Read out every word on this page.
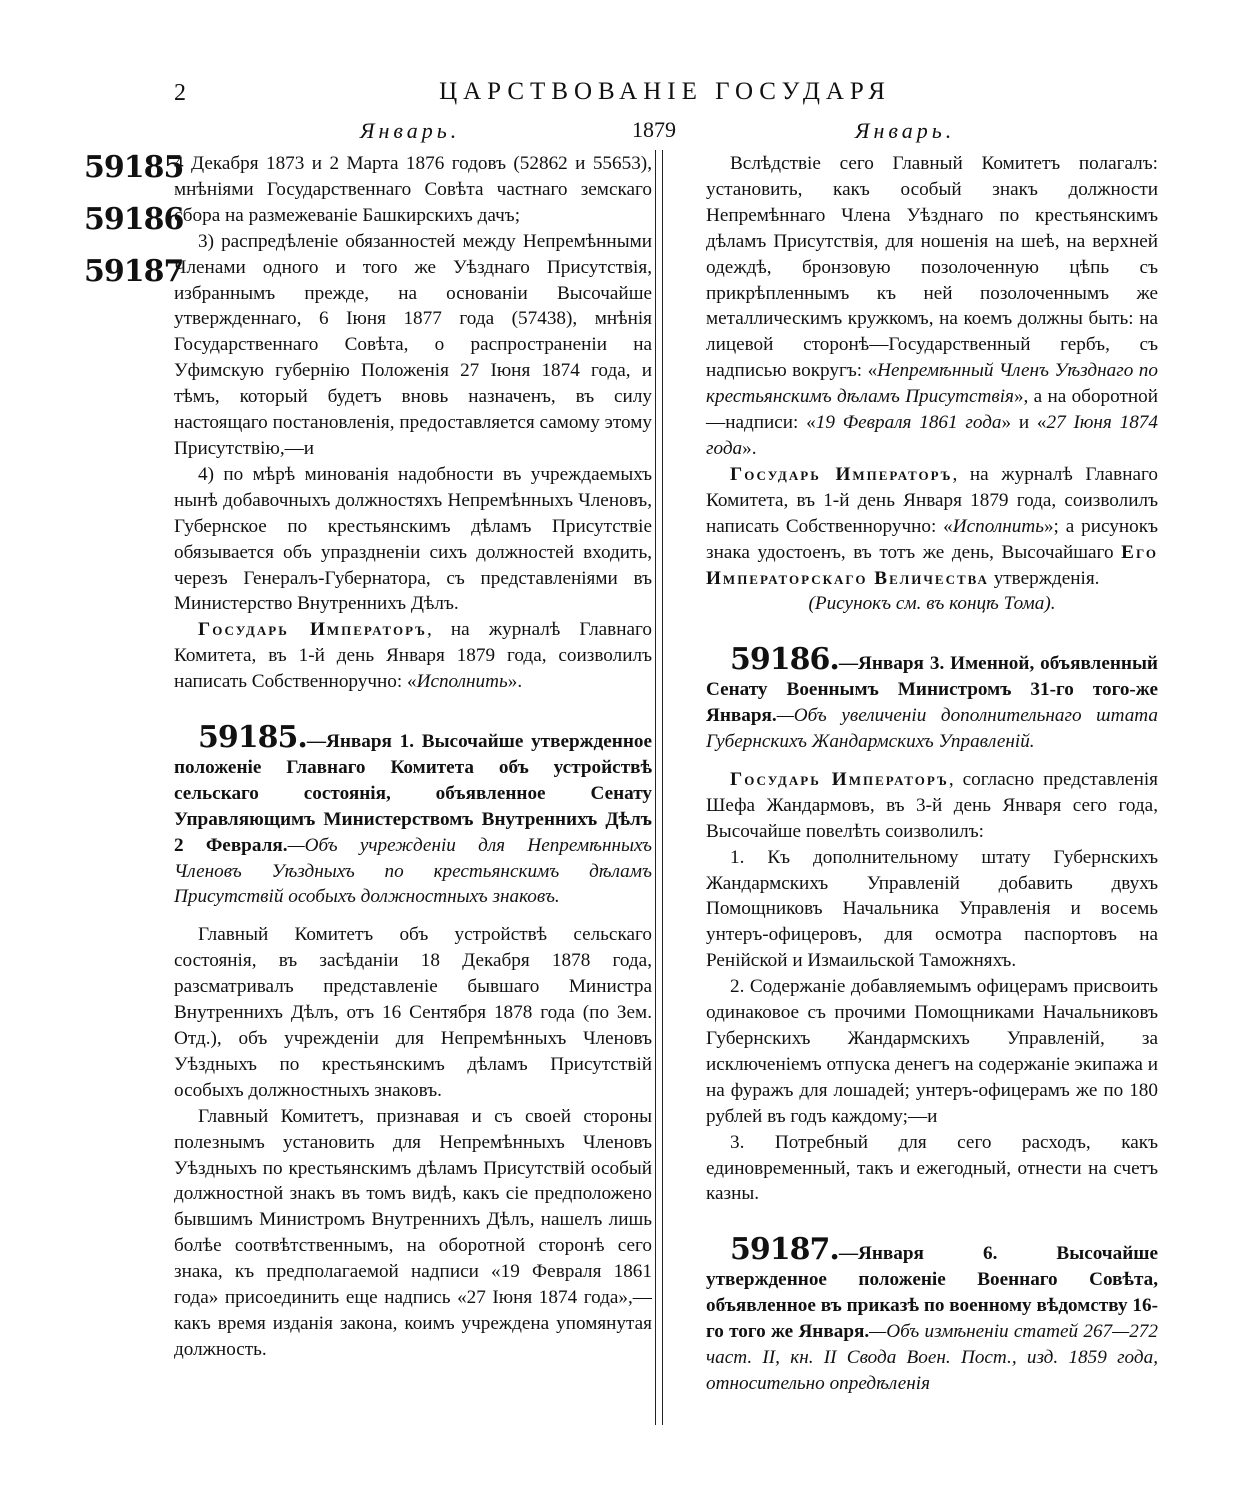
2	ЦАРСТВОВАНІЕ ГОСУДАРЯ
Январь.	1879	Январь.
59185
59186
59187

4 Декабря 1873 и 2 Марта 1876 годовъ (52862 и 55653), мнѣніями Государственнаго Совѣта частнаго земскаго сбора на размежеваніе Башкирскихъ дачъ;

3) распредѣленіе обязанностей между Непремѣнными Членами одного и того же Уѣзднаго Присутствія, избраннымъ прежде, на основаніи Высочайше утвержденнаго, 6 Іюня 1877 года (57438), мнѣнія Государственнаго Совѣта, о распространеніи на Уфимскую губернію Положенія 27 Іюня 1874 года, и тѣмъ, который будетъ вновь назначенъ, въ силу настоящаго постановленія, предоставляется самому этому Присутствію,—и

4) по мѣрѣ минованія надобности въ учреждаемыхъ нынѣ добавочныхъ должностяхъ Непремѣнныхъ Членовъ, Губернское по крестьянскимъ дѣламъ Присутствіе обязывается объ упраздненіи сихъ должностей входить, черезъ Генералъ-Губернатора, съ представленіями въ Министерство Внутреннихъ Дѣлъ.

Государь Императоръ, на журналѣ Главнаго Комитета, въ 1-й день Января 1879 года, соизволилъ написать Собственноручно: «Исполнить».

59185.—Января 1. Высочайше утвержденное положеніе Главнаго Комитета объ устройствѣ сельскаго состоянія, объявленное Сенату Управляющимъ Министерствомъ Внутреннихъ Дѣлъ 2 Февраля.—Объ учрежденіи для Непремѣнныхъ Членовъ Уѣздныхъ по крестьянскимъ дѣламъ Присутствій особыхъ должностныхъ знаковъ.

Главный Комитетъ объ устройствѣ сельскаго состоянія, въ засѣданіи 18 Декабря 1878 года, разсматривалъ представленіе бывшаго Министра Внутреннихъ Дѣлъ, отъ 16 Сентября 1878 года (по Зем. Отд.), объ учрежденіи для Непремѣнныхъ Членовъ Уѣздныхъ по крестьянскимъ дѣламъ Присутствій особыхъ должностныхъ знаковъ.

Главный Комитетъ, признавая и съ своей стороны полезнымъ установить для Непремѣнныхъ Членовъ Уѣздныхъ по крестьянскимъ дѣламъ Присутствій особый должностной знакъ въ томъ видѣ, какъ сіе предположено бывшимъ Министромъ Внутреннихъ Дѣлъ, нашелъ лишь болѣе соотвѣтственнымъ, на оборотной сторонѣ сего знака, къ предполагаемой надписи «19 Февраля 1861 года» присоединить еще надпись «27 Іюня 1874 года»,—какъ время изданія закона, коимъ учреждена упомянутая должность.

Вслѣдствіе сего Главный Комитетъ полагалъ: установить, какъ особый знакъ должности Непремѣннаго Члена Уѣзднаго по крестьянскимъ дѣламъ Присутствія, для ношенія на шеѣ, на верхней одеждѣ, бронзовую позолоченную цѣпь съ прикрѣпленнымъ къ ней позолоченнымъ же металлическимъ кружкомъ, на коемъ должны быть: на лицевой сторонѣ—Государственный гербъ, съ надписью вокругъ: «Непремѣнный Членъ Уѣзднаго по крестьянскимъ дѣламъ Присутствія», а на оборотной—надписи: «19 Февраля 1861 года» и «27 Іюня 1874 года».

Государь Императоръ, на журналѣ Главнаго Комитета, въ 1-й день Января 1879 года, соизволилъ написать Собственноручно: «Исполнить»; а рисунокъ знака удостоенъ, въ тотъ же день, Высочайшаго Его Императорскаго Величества утвержденія.

(Рисунокъ см. въ концѣ Тома).

59186.—Января 3. Именной, объявленный Сенату Военнымъ Министромъ 31-го того-же Января.—Объ увеличеніи дополнительнаго штата Губернскихъ Жандармскихъ Управленій.

Государь Императоръ, согласно представленія Шефа Жандармовъ, въ 3-й день Января сего года, Высочайше повелѣть соизволилъ:

1. Къ дополнительному штату Губернскихъ Жандармскихъ Управленій добавить двухъ Помощниковъ Начальника Управленія и восемь унтеръ-офицеровъ, для осмотра паспортовъ на Ренійской и Измаильской Таможняхъ.

2. Содержаніе добавляемымъ офицерамъ присвоить одинаковое съ прочими Помощниками Начальниковъ Губернскихъ Жандармскихъ Управленій, за исключеніемъ отпуска денегъ на содержаніе экипажа и на фуражъ для лошадей; унтеръ-офицерамъ же по 180 рублей въ годъ каждому;—и

3. Потребный для сего расходъ, какъ единовременный, такъ и ежегодный, отнести на счетъ казны.

59187.—Января 6. Высочайше утвержденное положеніе Военнаго Совѣта, объявленное въ приказѣ по военному вѣдомству 16-го того же Января.—Объ измѣненіи статей 267—272 част. II, кн. II Свода Воен. Пост., изд. 1859 года, относительно опредѣленія
